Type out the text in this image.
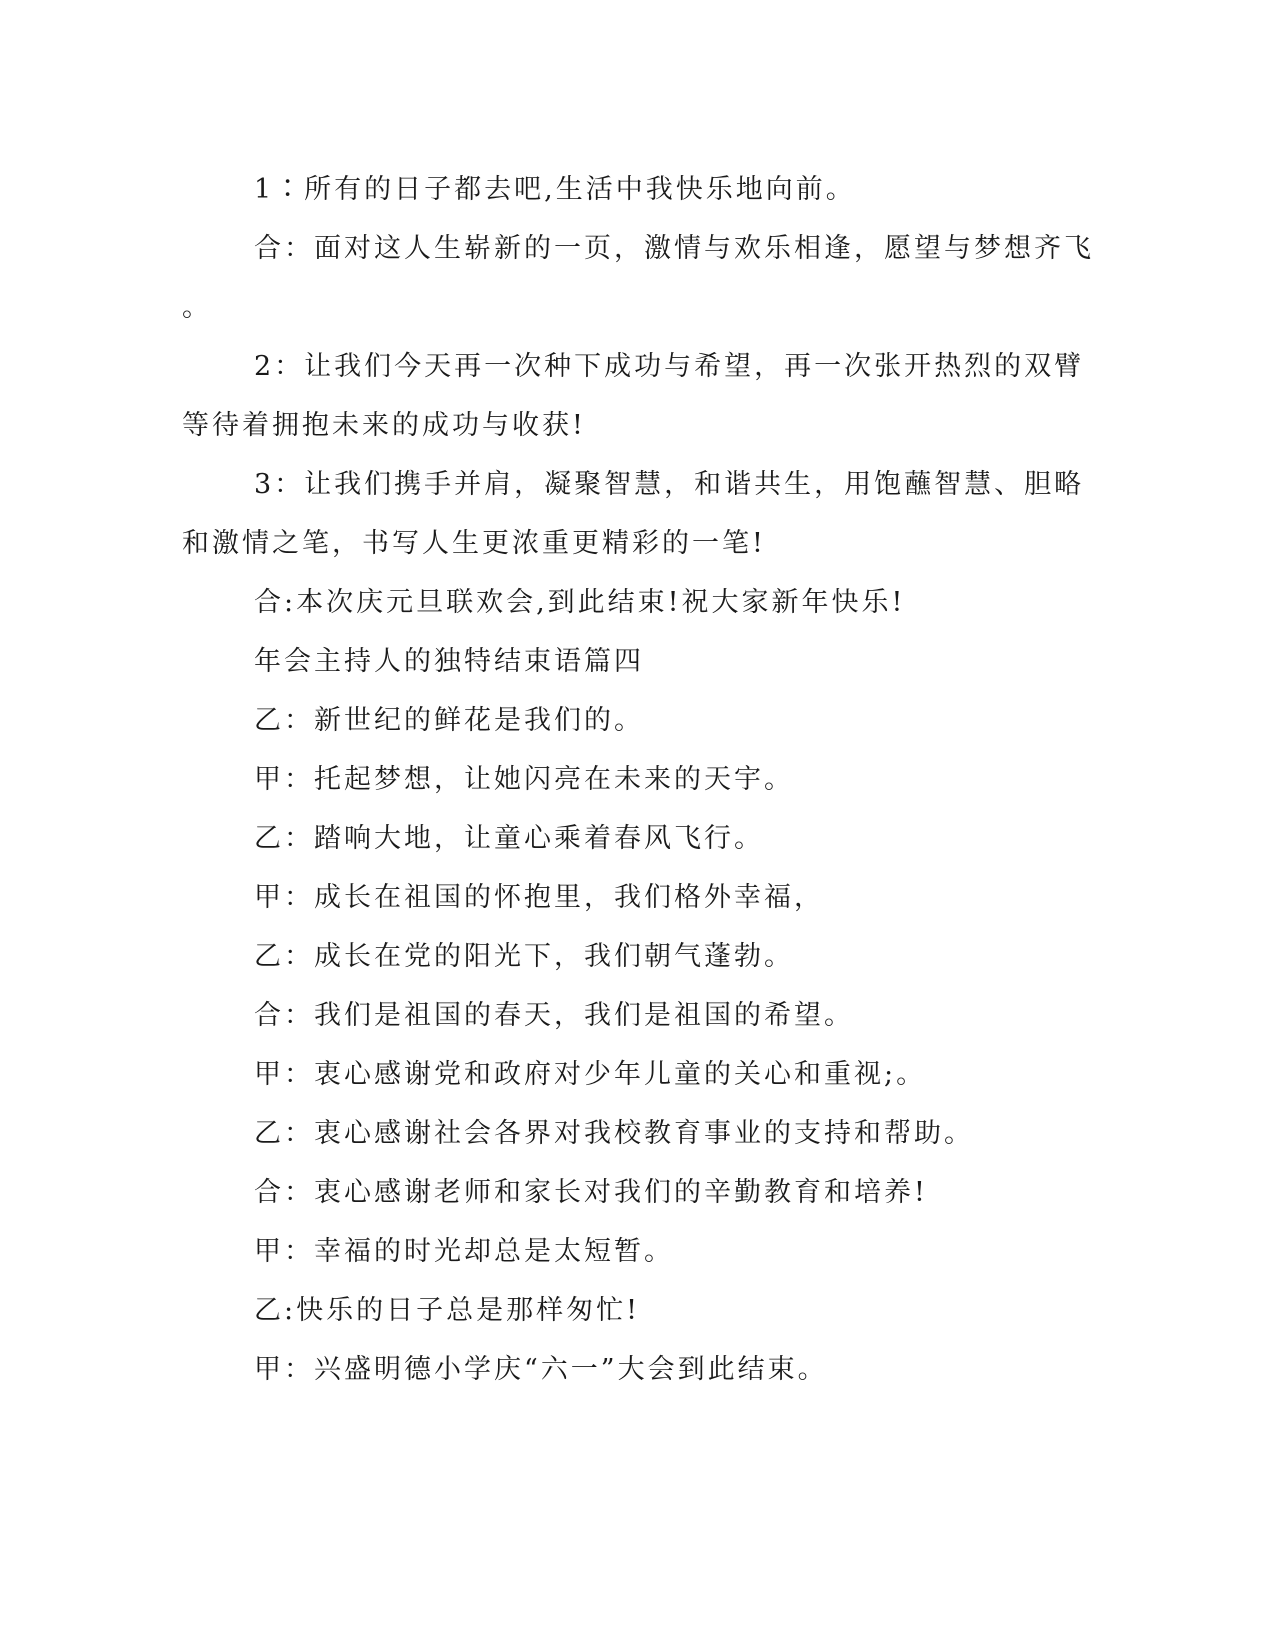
1∶所有的日子都去吧,生活中我快乐地向前。

合：面对这人生崭新的一页，激情与欢乐相逢，愿望与梦想齐飞

。

2：让我们今天再一次种下成功与希望，再一次张开热烈的双臂

等待着拥抱未来的成功与收获!

3：让我们携手并肩，凝聚智慧，和谐共生，用饱蘸智慧、胆略

和激情之笔，书写人生更浓重更精彩的一笔!

合:本次庆元旦联欢会,到此结束!祝大家新年快乐!

年会主持人的独特结束语篇四

乙：新世纪的鲜花是我们的。

甲：托起梦想，让她闪亮在未来的天宇。

乙：踏响大地，让童心乘着春风飞行。

甲：成长在祖国的怀抱里，我们格外幸福，

乙：成长在党的阳光下，我们朝气蓬勃。

合：我们是祖国的春天，我们是祖国的希望。

甲：衷心感谢党和政府对少年儿童的关心和重视;。

乙：衷心感谢社会各界对我校教育事业的支持和帮助。

合：衷心感谢老师和家长对我们的辛勤教育和培养!

甲：幸福的时光却总是太短暂。

乙:快乐的日子总是那样匆忙!

甲：兴盛明德小学庆“六一”大会到此结束。
